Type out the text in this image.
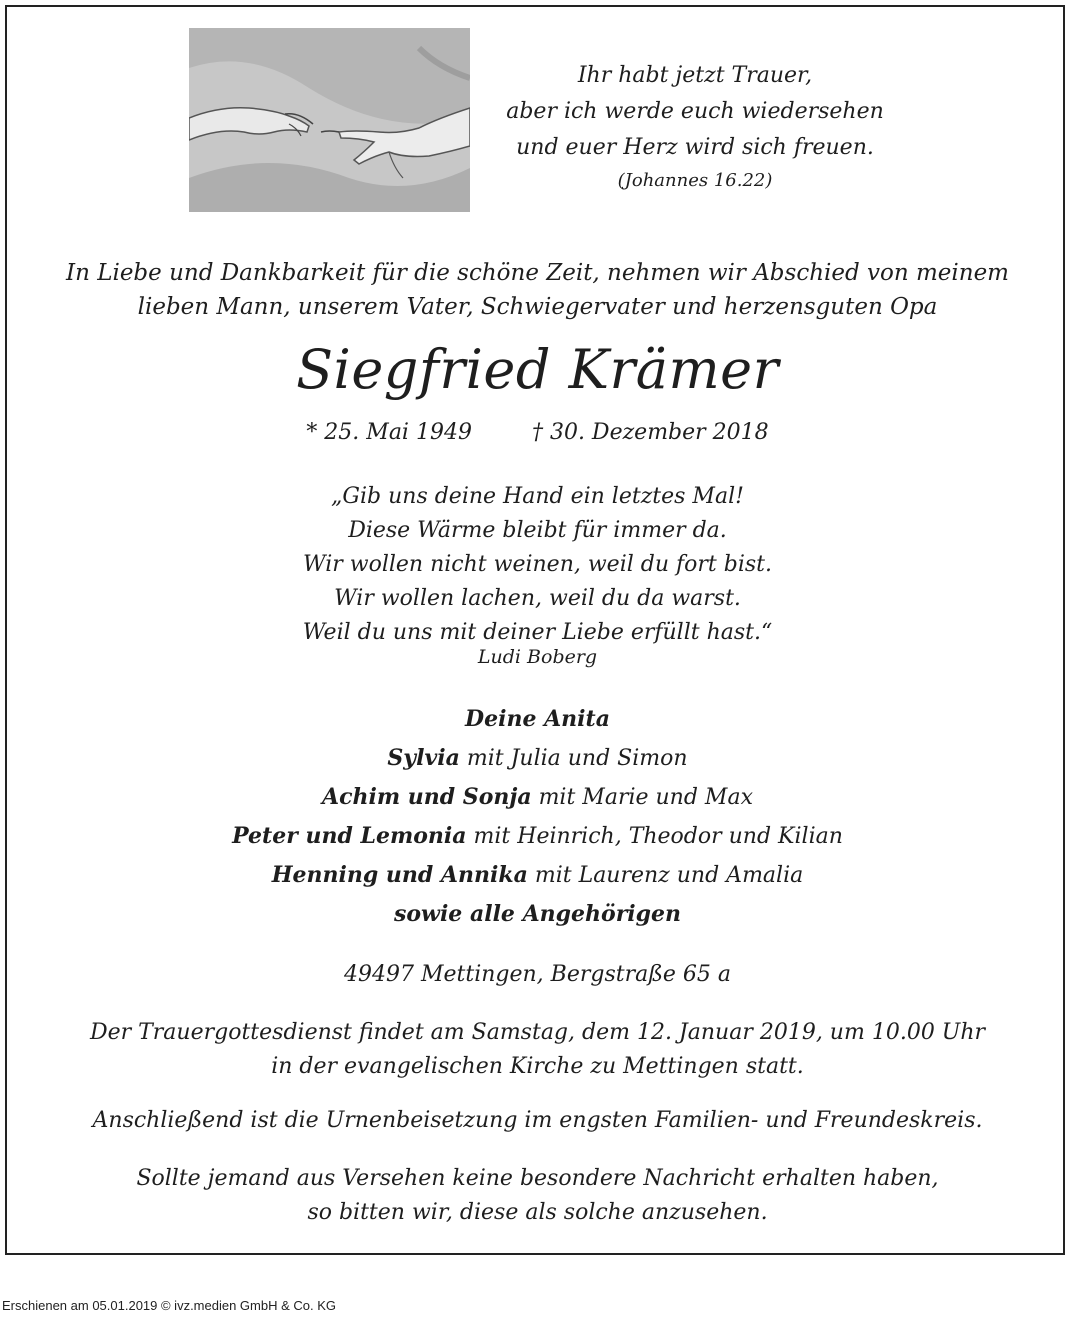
Ihr habt jetzt Trauer,
aber ich werde euch wiedersehen
und euer Herz wird sich freuen.
(Johannes 16.22)
In Liebe und Dankbarkeit für die schöne Zeit, nehmen wir Abschied von meinem
lieben Mann, unserem Vater, Schwiegervater und herzensguten Opa
Siegfried Krämer
* 25. Mai 1949	† 30. Dezember 2018
„Gib uns deine Hand ein letztes Mal!
Diese Wärme bleibt für immer da.
Wir wollen nicht weinen, weil du fort bist.
Wir wollen lachen, weil du da warst.
Weil du uns mit deiner Liebe erfüllt hast.“
Ludi Boberg
Deine Anita
Sylvia mit Julia und Simon
Achim und Sonja mit Marie und Max
Peter und Lemonia mit Heinrich, Theodor und Kilian
Henning und Annika mit Laurenz und Amalia
sowie alle Angehörigen
49497 Mettingen, Bergstraße 65 a
Der Trauergottesdienst findet am Samstag, dem 12. Januar 2019, um 10.00 Uhr
in der evangelischen Kirche zu Mettingen statt.
Anschließend ist die Urnenbeisetzung im engsten Familien- und Freundeskreis.
Sollte jemand aus Versehen keine besondere Nachricht erhalten haben,
so bitten wir, diese als solche anzusehen.
Erschienen am 05.01.2019 © ivz.medien GmbH & Co. KG
